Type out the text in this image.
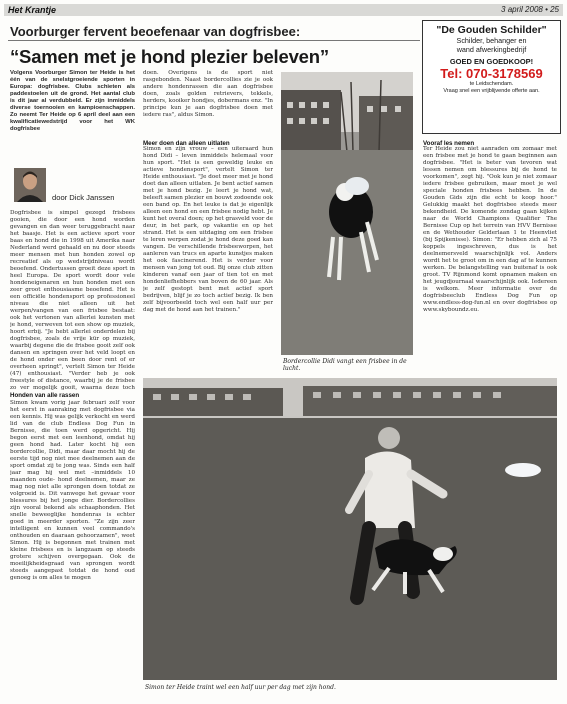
Het Krantje	3 april 2008 • 25
Voorburger fervent beoefenaar van dogfrisbee:
“Samen met je hond plezier beleven”
"De Gouden Schilder"
Schilder, behanger en
wand afwerkingbedrijf
GOED EN GOEDKOOP!
Tel: 070-3178569
te Leidschendam.
Vraag snel een vrijblijvende offerte aan.
Volgens Voorburger Simon ter Heide is het één van de snelstgroeiende sporten in Europa: dogfrisbee. Clubs schieten als paddestoelen uit de grond. Het aantal club is dit jaar al verdubbeld. Er zijn inmiddels diverse toernooien en kampioenschappen. Zo neemt Ter Heide op 6 april deel aan een kwalificatiewedstrijd voor het WK dogfrisbee
door Dick Janssen
Dogfrisbee is simpel gezegd frisbees gooien, die door een hond worden gevangen en dan weer teruggebracht naar het baasje. Het is een actieve sport voor baas en hond die in 1998 uit Amerika naar Nederland werd gehaald en nu door steeds meer mensen met hun honden zowel op recreatief als op wedstrijdniveau wordt beoefend. Ondertussen groeit deze sport in heel Europa. De sport wordt door vele hondeneigenaren en hun honden met een zeer groot enthousiasme beoefend. Het is een officiële hondensport op professioneel niveau die niet alleen uit het werpen/vangen van een frisbee bestaat: ook het vertonen van allerlei kunsten met je hond, verweven tot een show op muziek, hoort erbij. "Je hebt allerlei onderdelen bij dogfrisbee, zoals de vrije kür op muziek, waarbij degene die de frisbee gooit zelf ook dansen en springen over het veld loopt en de hond onder een been door rent of er overheen springt", vertelt Simon ter Heide (47) enthousiast. "Verder heb je ook freestyle of distance, waarbij je de frisbee zo ver mogelijk gooit, waarna deze toch
Honden van alle rassen
Simon kwam vorig jaar februari zelf voor het eerst in aanraking met dogfrisbee via een kennis. Hij was gelijk verkocht en werd lid van de club Endless Dog Fun in Bernisse, die toen werd opgericht. Hij begon eerst met een leenhond, omdat hij geen hond had. Later kocht hij een bordercollie, Didi, maar daar mocht hij de eerste tijd nog niet mee deelnemen aan de sport omdat zij te jong was. Sinds een half jaar mag hij wel met –inmiddels 10 maanden oude- hond deelnemen, maar ze mag nog niet alle sprongen doen totdat ze volgroeid is. Dit vanwege het gevaar voor blessures bij het jonge dier. Bordercollies zijn vooral bekend als schaaphonden. Het snelle beweeglijke hondenras is echter goed in meerder sporten. "Ze zijn zeer intelligent en kunnen veel commando's onthouden en daaraan gehoorzamen", weet Simon. Hij is begonnen met trainen met kleine frisbees en is langzaam op steeds grotere schijven overgegaan. Ook de moeilijkheidsgraad van sprongen wordt steeds aangepast totdat de hond oud genoeg is om alles te mogen
doen. Overigens is de sport niet rasgebonden. Naast bordercollies zie je ook andere hondenrassen die aan dogfrisbee doen, zoals golden retrievers, tekkels, herders, kooiker hondjes, dobermans enz. "In principe kun je aan dogfrisbee doen met iedere ras", aldus Simon.
Meer doen dan alleen uitlaten
Simon en zijn vrouw – een uiteraard hun hond Didi – leven inmiddels helemaal voor hun sport. "Het is een geweldig leuke en actieve hondensport", vertelt Simon ter Heide enthousiast. "Je doet meer met je hond doet dan alleen uitlaten. Je bent actief samen met je hond bezig. Je leert je hond wat, beleeft samen plezier en bouwt zodoende ook een band op. En het leuke is dat je eigenlijk alleen een hond en een frisbee nodig hebt. Je kunt het overal doen; op het grasveld voor de deur, in het park, op vakantie en op het strand. Het is een uitdaging om een frisbee te leren werpen zodat je hond deze goed kan vangen. De verschillende frisbeeworpen, het aanleren van trucs en aparte kunstjes maken het ook fascinerend. Het is verder voor mensen van jong tot oud. Bij onze club zitten kinderen vanaf een jaar of tien tot en met hondenliefhebbers van boven de 60 jaar. Als je zelf gestopt bent met actief sport bedrijven, blijf je zo toch actief bezig. Ik ben zelf bijvoorbeeld toch wel een half uur per dag met de hond aan het trainen."
Vooraf les nemen
Ter Heide zou niet aanraden om zomaar met een frisbee met je hond te gaan beginnen aan dogfrisbee. "Het is beter van tevoren wat lessen nemen om blessures bij de hond te voorkomen", zegt hij. "Ook kun je niet zomaar iedere frisbee gebruiken, maar moet je wel speciale honden frisbees hebben. In de Gouden Gids zijn die echt te koop hoor." Gelukkig maakt het dogfrisbee steeds meer bekendheid. De komende zondag gaan kijken naar de World Champions Qualifier The Bernisse Cup op het terrein van HVV Bernisse en de Wethouder Gelderlaan 1 te Heenvliet (bij Spijkenisse). Simon: "Er hebben zich al 75 koppels ingeschreven, dus is het deelnemersveld waarschijnlijk vol. Anders wordt het te groot om in een dag af te kunnen werken. De belangstelling van buitenaf is ook groot. TV Rijnmond komt opnamen maken en het jeugdjournaal waarschijnlijk ook. Iedereen is welkom. Meer informatie over de dogfrisbeeclub Endless Dog Fun op www.endless-dog-fun.nl en over dogfrisbee op www.skyboundz.eu.
Bordercollie Didi vangt een frisbee in de lucht.
Simon ter Heide traint wel een half uur per dag met zijn hond.
